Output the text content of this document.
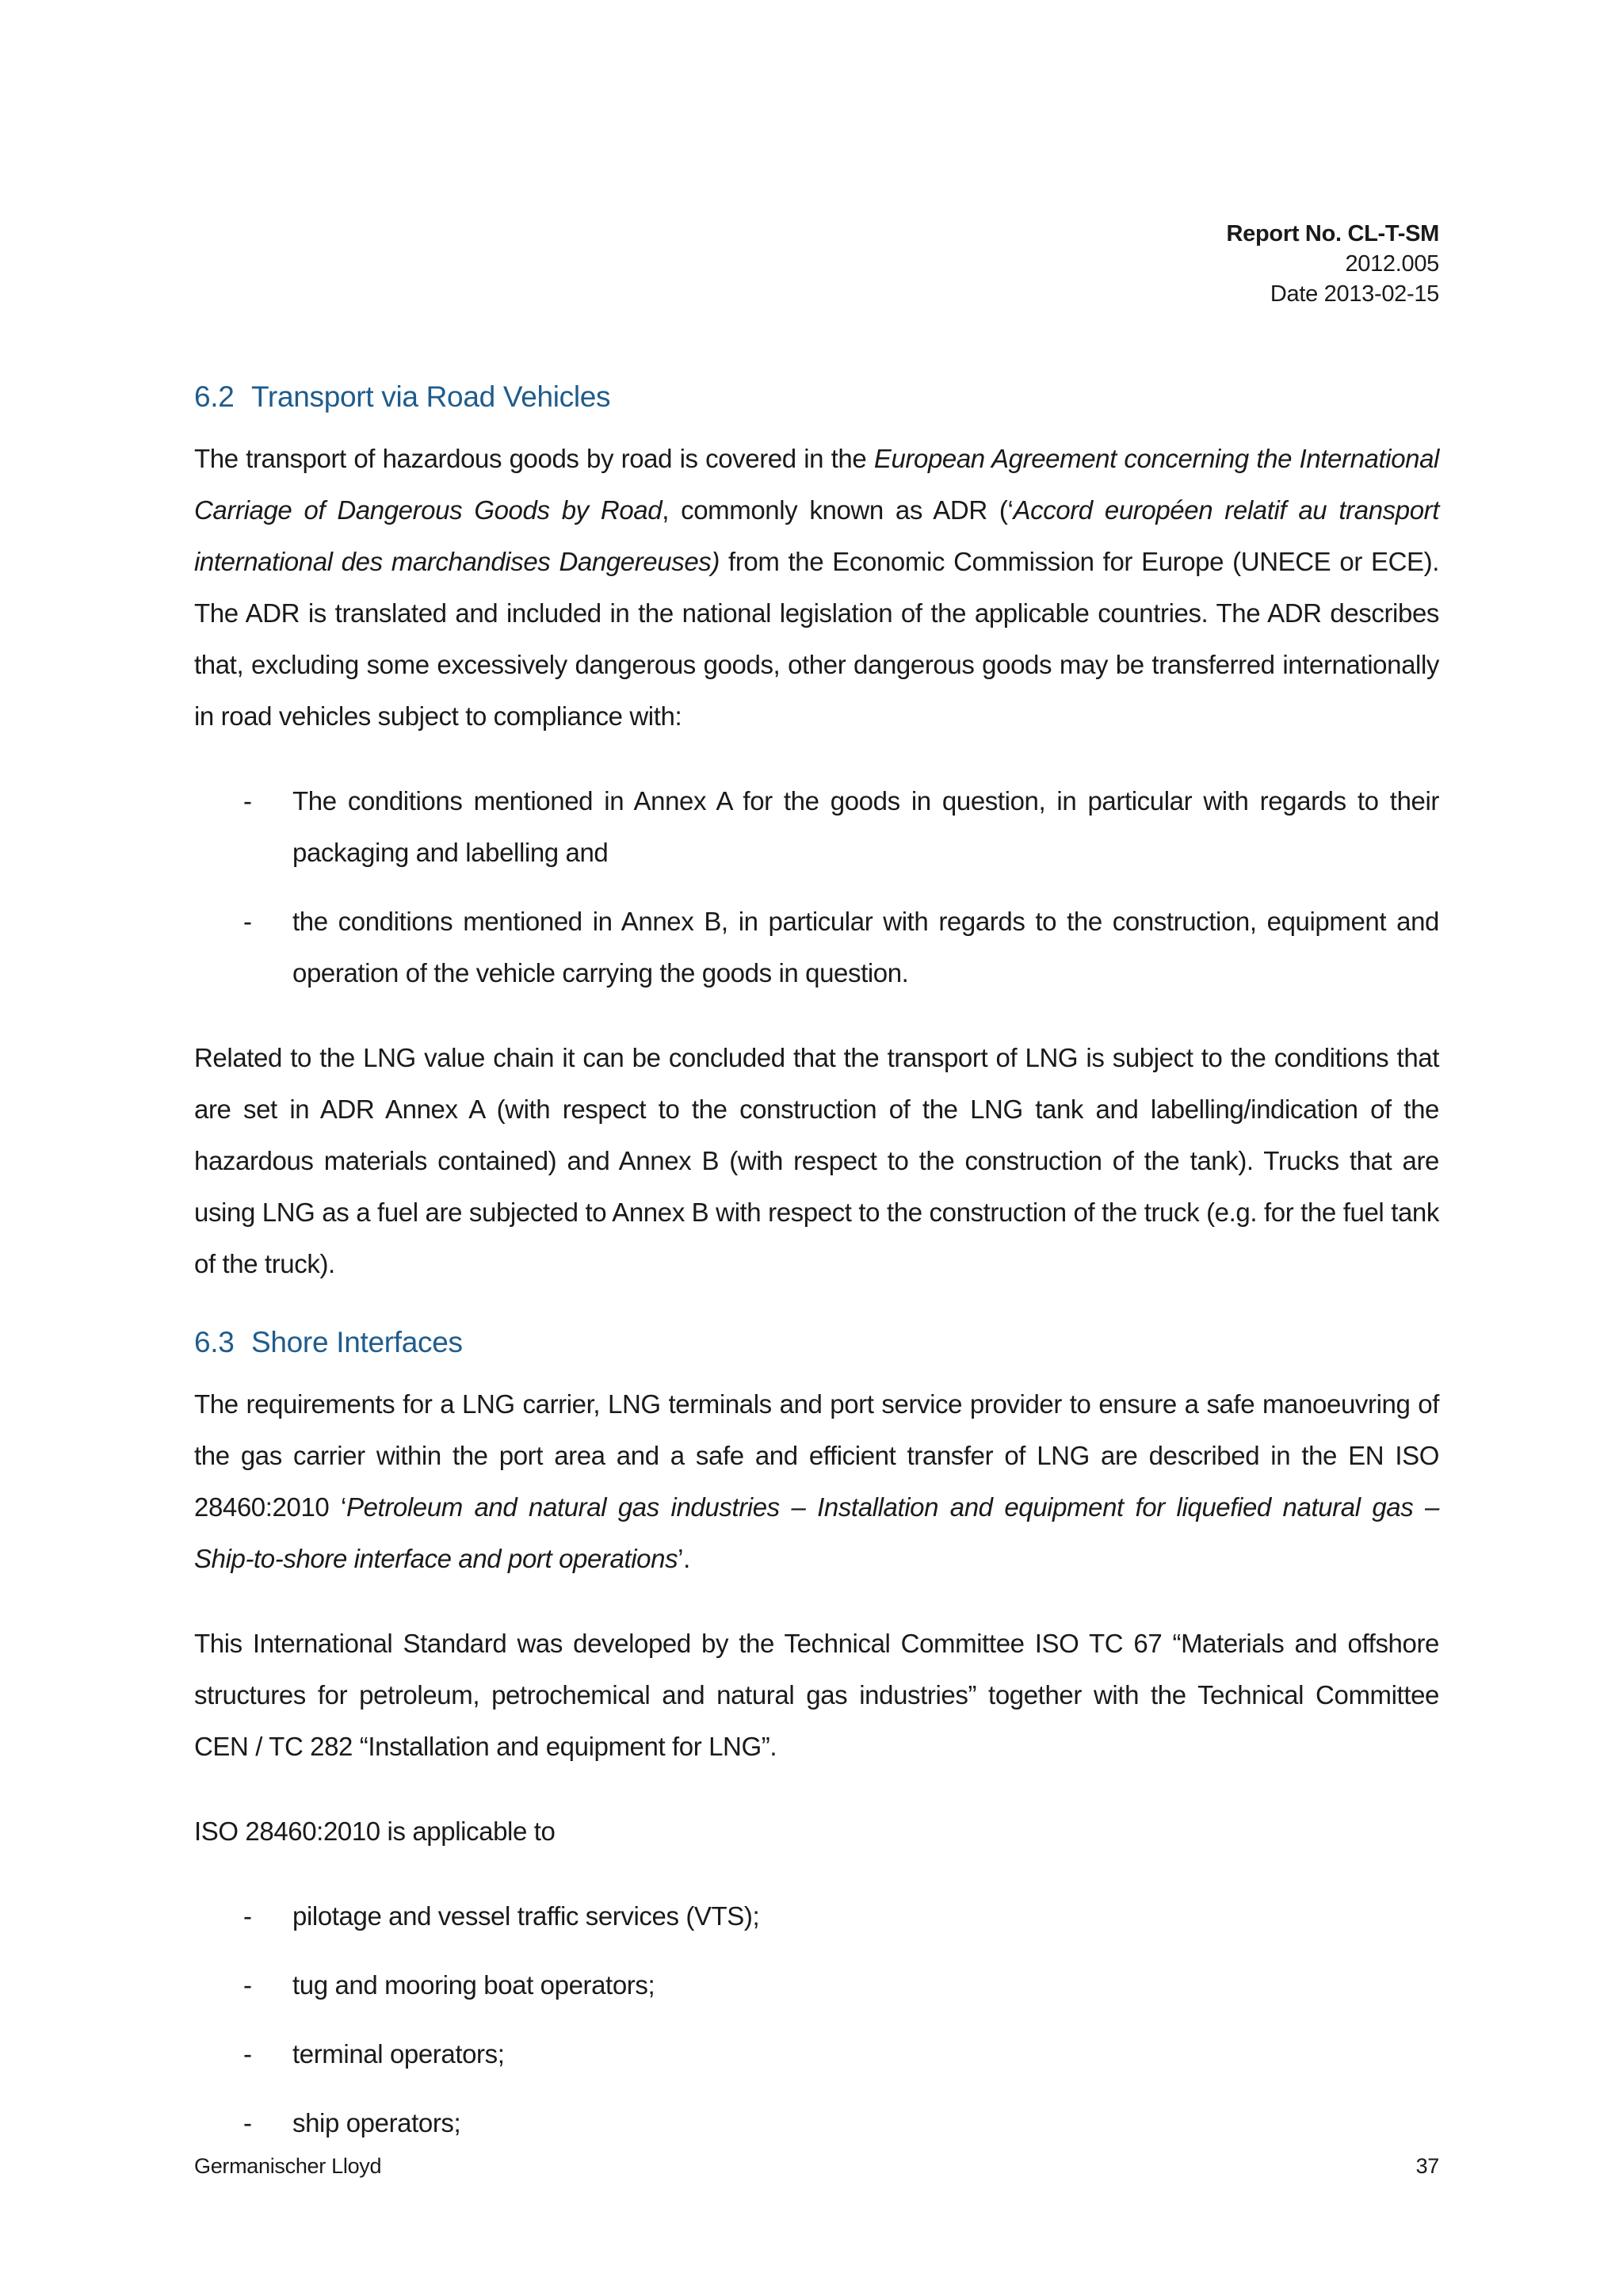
Report No. CL-T-SM
2012.005
Date 2013-02-15
6.2 Transport via Road Vehicles

The transport of hazardous goods by road is covered in the European Agreement concerning the International Carriage of Dangerous Goods by Road, commonly known as ADR (‘Accord européen relatif au transport international des marchandises Dangereuses) from the Economic Commission for Europe (UNECE or ECE). The ADR is translated and included in the national legislation of the applicable countries. The ADR describes that, excluding some excessively dangerous goods, other dangerous goods may be transferred internationally in road vehicles subject to compliance with:

- The conditions mentioned in Annex A for the goods in question, in particular with regards to their packaging and labelling and
- the conditions mentioned in Annex B, in particular with regards to the construction, equipment and operation of the vehicle carrying the goods in question.

Related to the LNG value chain it can be concluded that the transport of LNG is subject to the conditions that are set in ADR Annex A (with respect to the construction of the LNG tank and labelling/indication of the hazardous materials contained) and Annex B (with respect to the construction of the tank). Trucks that are using LNG as a fuel are subjected to Annex B with respect to the construction of the truck (e.g. for the fuel tank of the truck).

6.3 Shore Interfaces

The requirements for a LNG carrier, LNG terminals and port service provider to ensure a safe manoeuvring of the gas carrier within the port area and a safe and efficient transfer of LNG are described in the EN ISO 28460:2010 ‘Petroleum and natural gas industries – Installation and equipment for liquefied natural gas – Ship-to-shore interface and port operations’.

This International Standard was developed by the Technical Committee ISO TC 67 “Materials and offshore structures for petroleum, petrochemical and natural gas industries” together with the Technical Committee CEN / TC 282 “Installation and equipment for LNG”.

ISO 28460:2010 is applicable to

- pilotage and vessel traffic services (VTS);
- tug and mooring boat operators;
- terminal operators;
- ship operators;
Germanischer Lloyd	37
